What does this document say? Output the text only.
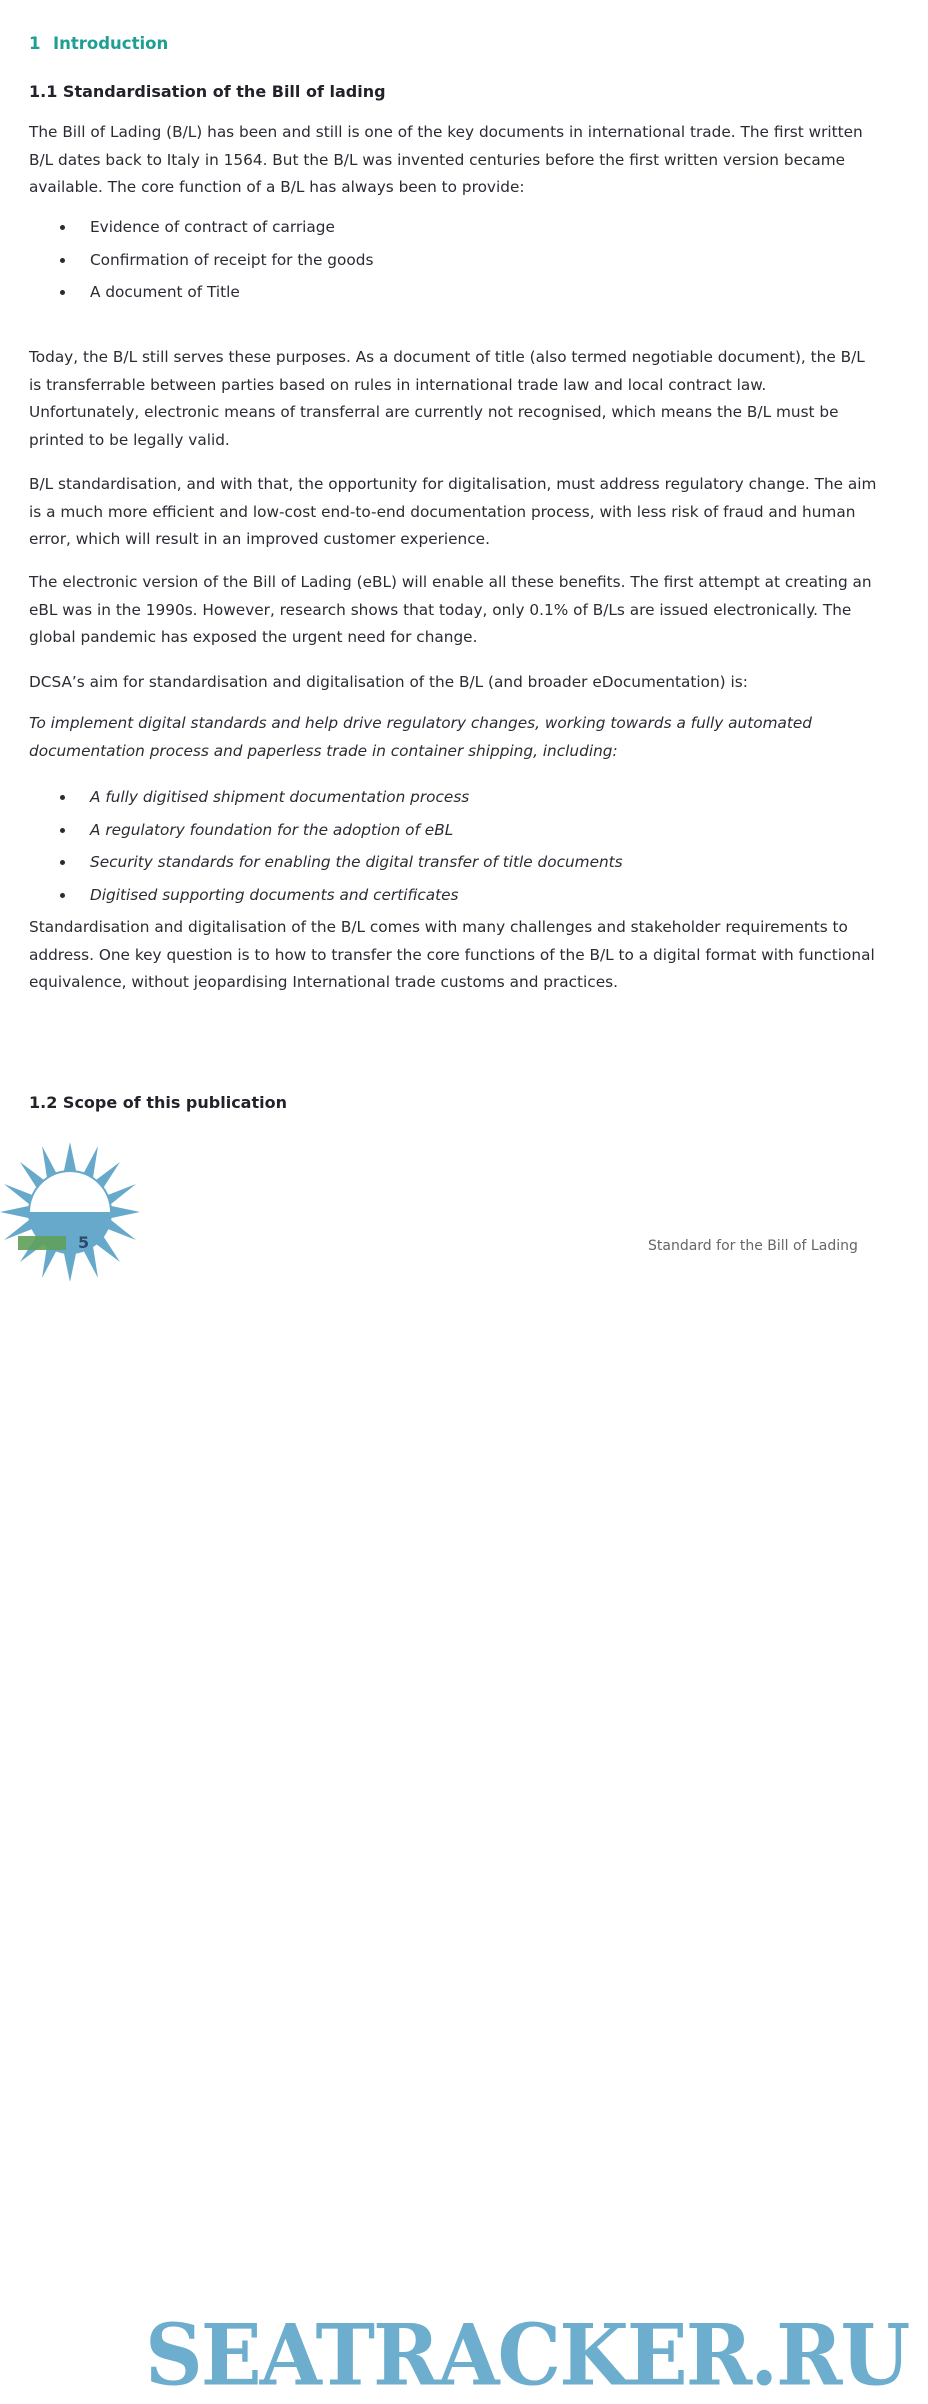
1 Introduction
1.1 Standardisation of the Bill of lading

The Bill of Lading (B/L) has been and still is one of the key documents in international trade. The first written B/L dates back to Italy in 1564. But the B/L was invented centuries before the first written version became available. The core function of a B/L has always been to provide:

Evidence of contract of carriage
Confirmation of receipt for the goods
A document of Title

Today, the B/L still serves these purposes. As a document of title (also termed negotiable document), the B/L is transferrable between parties based on rules in international trade law and local contract law. Unfortunately, electronic means of transferral are currently not recognised, which means the B/L must be printed to be legally valid.

B/L standardisation, and with that, the opportunity for digitalisation, must address regulatory change. The aim is a much more efficient and low-cost end-to-end documentation process, with less risk of fraud and human error, which will result in an improved customer experience.

The electronic version of the Bill of Lading (eBL) will enable all these benefits. The first attempt at creating an eBL was in the 1990s. However, research shows that today, only 0.1% of B/Ls are issued electronically. The global pandemic has exposed the urgent need for change.

DCSA’s aim for standardisation and digitalisation of the B/L (and broader eDocumentation) is:

To implement digital standards and help drive regulatory changes, working towards a fully automated documentation process and paperless trade in container shipping, including:

A fully digitised shipment documentation process
A regulatory foundation for the adoption of eBL
Security standards for enabling the digital transfer of title documents
Digitised supporting documents and certificates

Standardisation and digitalisation of the B/L comes with many challenges and stakeholder requirements to address. One key question is to how to transfer the core functions of the B/L to a digital format with functional equivalence, without jeopardising International trade customs and practices.

1.2 Scope of this publication
SEATRACKER.RU
5	Standard for the Bill of Lading
